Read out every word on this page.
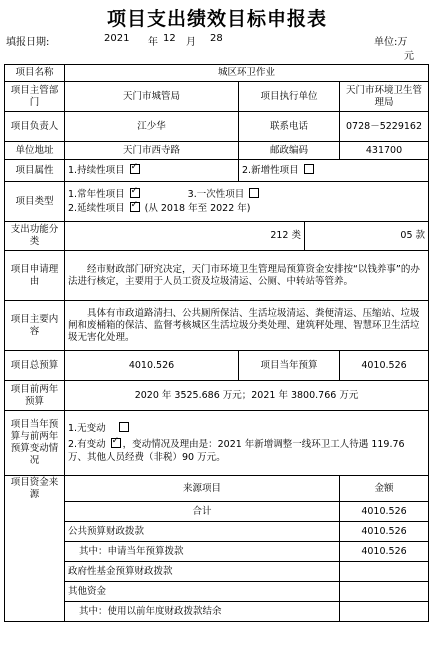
项目支出绩效目标申报表
填报日期:	2021 年 12 月 28	单位:万
元
项目名称	城区环卫作业			
项目主管部门	天门市城管局	项目执行单位		天门市环境卫生管理局
项目负责人	江少华	联系电话		0728－5229162
单位地址	天门市西寺路	邮政编码		431700
项目属性	1.持续性项目 ✓	2.新增性项目		
项目类型	1.常年性项目 ✓ 3.一次性项目
2.延续性项目 ✓ (从 2018 年至 2022 年)

支出功能分类	212 类		05 款	
项目申请理由	经市财政部门研究决定，天门市环境卫生管理局预算资金安排按“以钱养事”的办法进行核定，主要用于人员工资及垃圾清运、公厕、中转站等管养。			
项目主要内容	具体有市政道路清扫、公共厕所保洁、生活垃圾清运、粪便清运、压缩站、垃圾闸和废桶箱的保洁、监督考核城区生活垃圾分类处理、建筑秤处理、智慧环卫生活垃圾无害化处理。			
项目总预算	4010.526	项目当年预算		4010.526
项目前两年预算	2020 年 3525.686 万元；2021 年 3800.766 万元			
项目当年预算与前两年预算变动情况	1.无变动
2.有变动 ✓ ，变动情况及理由是：2021 年新增调整一线环卫工人待遇 119.76 万、其他人员经费（非税）90 万元。

项目资金来源	来源项目			金额
	合计			4010.526
	公共预算财政拨款			4010.526
	其中：申请当年预算拨款			4010.526
	政府性基金预算财政拨款			
	其他资金			
	其中：使用以前年度财政拨款结余			
